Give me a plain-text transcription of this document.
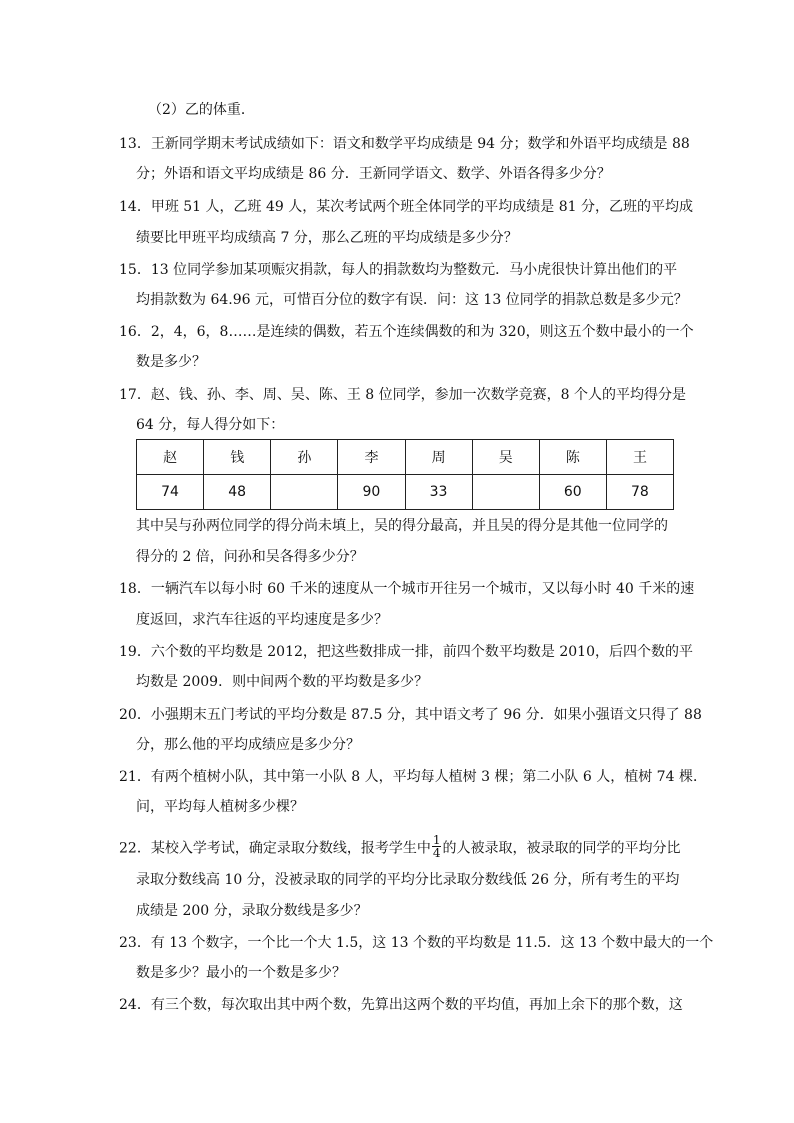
（2）乙的体重．
13．王新同学期末考试成绩如下：语文和数学平均成绩是 94 分；数学和外语平均成绩是 88
分；外语和语文平均成绩是 86 分．王新同学语文、数学、外语各得多少分？
14．甲班 51 人，乙班 49 人，某次考试两个班全体同学的平均成绩是 81 分，乙班的平均成
绩要比甲班平均成绩高 7 分，那么乙班的平均成绩是多少分？
15．13 位同学参加某项赈灾捐款，每人的捐款数均为整数元．马小虎很快计算出他们的平
均捐款数为 64.96 元，可惜百分位的数字有误．问：这 13 位同学的捐款总数是多少元？
16．2，4，6，8……是连续的偶数，若五个连续偶数的和为 320，则这五个数中最小的一个
数是多少？
17．赵、钱、孙、李、周、吴、陈、王 8 位同学，参加一次数学竞赛，8 个人的平均得分是
64 分，每人得分如下：
赵	钱	孙	李	周	吴	陈	王
74	48		90	33		60	78
其中吴与孙两位同学的得分尚未填上，吴的得分最高，并且吴的得分是其他一位同学的
得分的 2 倍，问孙和吴各得多少分？
18．一辆汽车以每小时 60 千米的速度从一个城市开往另一个城市，又以每小时 40 千米的速
度返回，求汽车往返的平均速度是多少？
19．六个数的平均数是 2012，把这些数排成一排，前四个数平均数是 2010，后四个数的平
均数是 2009．则中间两个数的平均数是多少？
20．小强期末五门考试的平均分数是 87.5 分，其中语文考了 96 分．如果小强语文只得了 88
分，那么他的平均成绩应是多少分？
21．有两个植树小队，其中第一小队 8 人，平均每人植树 3 棵；第二小队 6 人，植树 74 棵．
问，平均每人植树多少棵？
22．某校入学考试，确定录取分数线，报考学生中 $\frac{1}{4}$ 的人被录取，被录取的同学的平均分比
录取分数线高 10 分，没被录取的同学的平均分比录取分数线低 26 分，所有考生的平均
成绩是 200 分，录取分数线是多少？
23．有 13 个数字，一个比一个大 1.5，这 13 个数的平均数是 11.5．这 13 个数中最大的一个
数是多少？最小的一个数是多少？
24．有三个数，每次取出其中两个数，先算出这两个数的平均值，再加上余下的那个数，这
